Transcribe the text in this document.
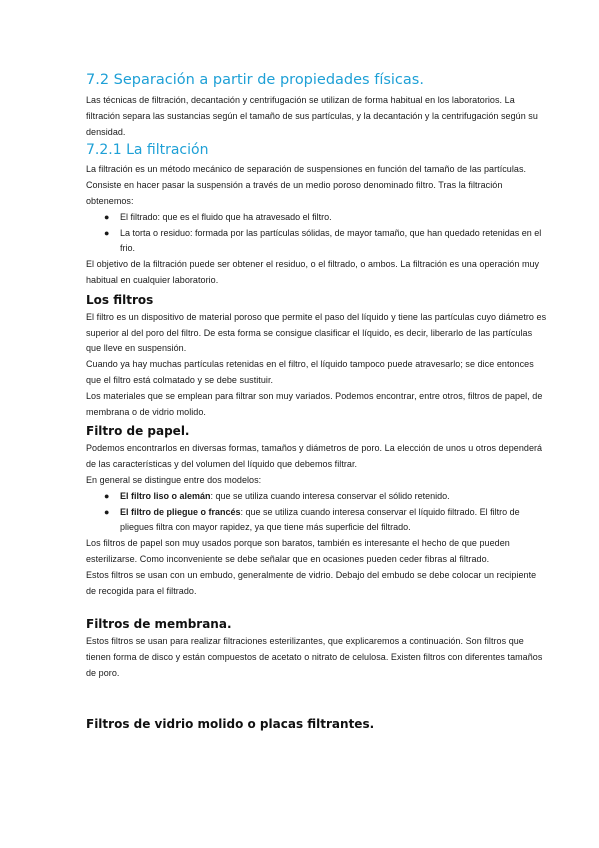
7.2 Separación a partir de propiedades físicas.

Las técnicas de filtración, decantación y centrifugación se utilizan de forma habitual en los laboratorios. La filtración separa las sustancias según el tamaño de sus partículas, y la decantación y la centrifugación según su densidad.

7.2.1 La filtración

La filtración es un método mecánico de separación de suspensiones en función del tamaño de las partículas.

Consiste en hacer pasar la suspensión a través de un medio poroso denominado filtro. Tras la filtración obtenemos:

● El filtrado: que es el fluido que ha atravesado el filtro.
● La torta o residuo: formada por las partículas sólidas, de mayor tamaño, que han quedado retenidas en el frio.

El objetivo de la filtración puede ser obtener el residuo, o el filtrado, o ambos. La filtración es una operación muy habitual en cualquier laboratorio.

Los filtros

El filtro es un dispositivo de material poroso que permite el paso del líquido y tiene las partículas cuyo diámetro es superior al del poro del filtro. De esta forma se consigue clasificar el líquido, es decir, liberarlo de las partículas que lleve en suspensión.

Cuando ya hay muchas partículas retenidas en el filtro, el líquido tampoco puede atravesarlo; se dice entonces que el filtro está colmatado y se debe sustituir.

Los materiales que se emplean para filtrar son muy variados. Podemos encontrar, entre otros, filtros de papel, de membrana o de vidrio molido.

Filtro de papel.

Podemos encontrarlos en diversas formas, tamaños y diámetros de poro. La elección de unos u otros dependerá de las características y del volumen del líquido que debemos filtrar.

En general se distingue entre dos modelos:

● El filtro liso o alemán: que se utiliza cuando interesa conservar el sólido retenido.
● El filtro de pliegue o francés: que se utiliza cuando interesa conservar el líquido filtrado. El filtro de pliegues filtra con mayor rapidez, ya que tiene más superficie del filtrado.

Los filtros de papel son muy usados porque son baratos, también es interesante el hecho de que pueden esterilizarse. Como inconveniente se debe señalar que en ocasiones pueden ceder fibras al filtrado.

Estos filtros se usan con un embudo, generalmente de vidrio. Debajo del embudo se debe colocar un recipiente de recogida para el filtrado.

Filtros de membrana.

Estos filtros se usan para realizar filtraciones esterilizantes, que explicaremos a continuación. Son filtros que tienen forma de disco y están compuestos de acetato o nitrato de celulosa. Existen filtros con diferentes tamaños de poro.

Filtros de vidrio molido o placas filtrantes.
